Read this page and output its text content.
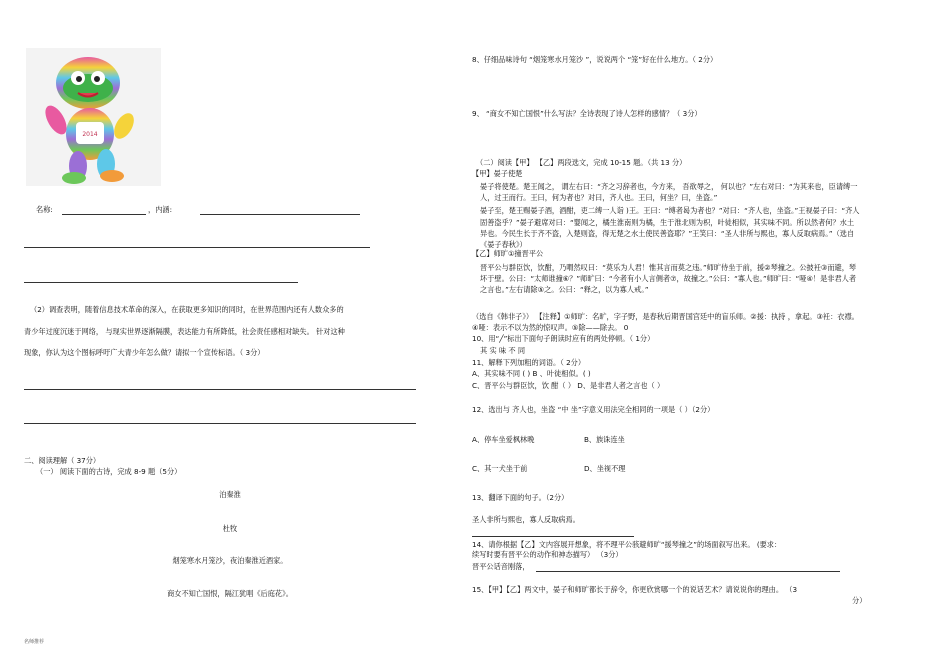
2014
名称:	，内涵:
（2）调查表明，随着信息技术革命的深入，在获取更多知识的同时，在世界范围内还有人数众多的
青少年过度沉迷于网络， 与现实世界逐渐隔膜，表达能力有所降低，社会责任感相对缺失。 针对这种
现象，你认为这个图标呼吁广大青少年怎么做？请拟一个宣传标语。（ 3分）
二、阅读理解（ 37分）
（一） 阅读下面的古诗，完成 8-9 题（5分）
泊秦淮
杜牧
烟笼寒水月笼沙，夜泊秦淮近酒家。
商女不知亡国恨，隔江犹唱《后庭花》。
名师推荐
8、仔细品味诗句 “烟笼寒水月笼沙 ”，说说两个 “笼”好在什么地方。（ 2分）
9、 “商女不知亡国恨”什么写法？全诗表现了诗人怎样的感情？（ 3分）
（二）阅读【甲】 【乙】两段选文，完成 10-15 题。（共 13 分）
【甲】晏子使楚

晏子将使楚。楚王闻之， 谓左右曰：“齐之习辞者也，今方来， 吾欲辱之， 何以也？”左右对曰：“为其来也，臣请缚一人，过王而行。王曰，何为者也？对曰，齐人也。王曰，何坐？曰，坐盗。”

晏子至，楚王赐晏子酒，酒酣，吏二缚一人诣 )王。王曰：“缚者曷为者也？”对曰：“齐人也，坐盗。”王视晏子曰：“齐人固善盗乎？”晏子避席对曰：“婴闻之，橘生淮南则为橘，生于淮北则为枳，叶徒相似，其实味不同。所以然者何？水土异也。今民生长于齐不盗，入楚则盗，得无楚之水土使民善盗耶？”王笑曰：“圣人非所与熙也，寡人反取病焉。”（选自《晏子春秋》）

【乙】师旷①撞晋平公

晋平公与群臣饮，饮酣，乃喟然叹曰：“莫乐为人君！惟其言而莫之违。”师旷侍坐于前，援②琴撞之。公披衽③而避，琴坏于壁。公曰：“太师谁撞⑥？”师旷曰：“今者有小人言侧者⑦，故撞之。”公曰：“寡人也。”师旷曰：“哑④！是非君人者之言也。”左右请除⑤之。公曰：“释之，以为寡人戒。”

（选自《韩非子》） 【注释】①师旷：名旷，字子野，是春秋后期晋国宫廷中的盲乐师。②援：执持 ，拿起。③衽：衣襟。④哑：表示不以为然的惊叹声。⑤除——除去。 0
10、用“╱”标出下面句子朗读时应有的两处停顿。（ 1分）
其 实 味 不 同
11、解释下列加粗的词语。（ 2分）
A、其实味不同 ( ) B 、叶徒相似。( )
C、晋平公与群臣饮，饮 酣（ ） D、是非君人者之言也（ ）
12、选出与 齐人也，坐盗 “中 坐”字意义用法完全相同的一项是（ ）（2分）
A、停车坐爱枫林晚	B、族诛连坐
C、其一犬坐于前	D、坐视不理
13、翻译下面的句子。（2分）
圣人非所与熙也，寡人反取病焉。
14、请你根据【乙】文内容展开想象，将不理平公骇避师旷“援琴撞之”的场面叙写出来。 (要求：
续写时要有晋平公的动作和神态描写） （3分）
晋平公话音刚落，
15、【甲】【乙】两文中，晏子和师旷都长于辞令，你更欣赏哪一个的说话艺术？请说说你的理由。 （3
分）
